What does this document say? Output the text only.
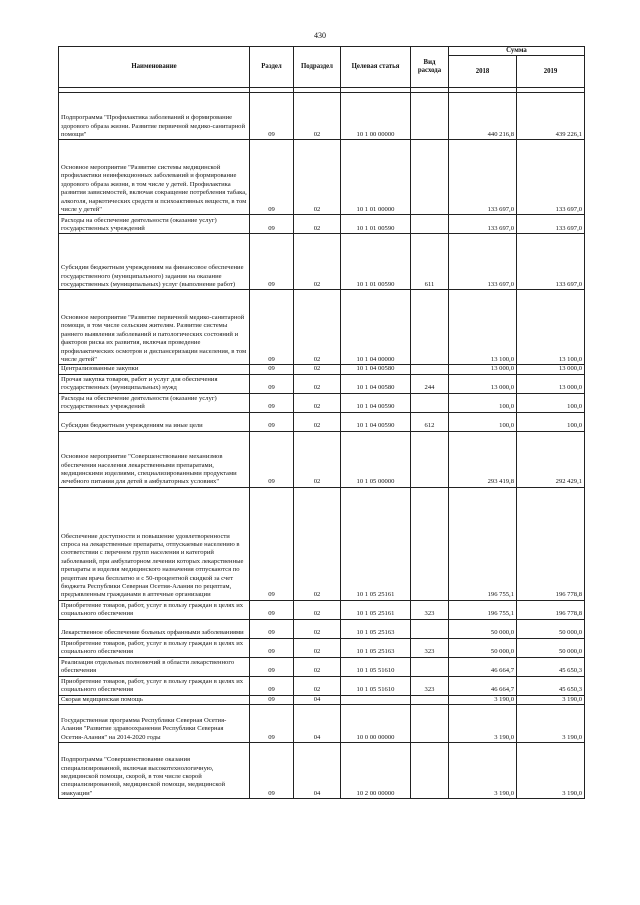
430
Наименование	Раздел	Подраздел	Целевая статья	Вид расхода	Сумма	
					2018	2019

Подпрограмма "Профилактика заболеваний и формирование здорового образа жизни. Развитие первичной медико-санитарной помощи"	09	02	10 1 00 00000		440 216,8	439 226,1
Основное мероприятие "Развитие системы медицинской профилактики неинфекционных заболеваний и формирование здорового образа жизни, в том числе у детей. Профилактика развития зависимостей, включая сокращение потребления табака, алкоголя, наркотических средств и психоактивных веществ, в том числе у детей"	09	02	10 1 01 00000		133 697,0	133 697,0
Расходы на обеспечение деятельности (оказание услуг) государственных учреждений	09	02	10 1 01 00590		133 697,0	133 697,0
Субсидии бюджетным учреждениям на финансовое обеспечение государственного (муниципального) задания на оказание государственных (муниципальных) услуг (выполнение работ)	09	02	10 1 01 00590	611	133 697,0	133 697,0
Основное мероприятие "Развитие первичной медико-санитарной помощи, в том числе сельским жителям. Развитие системы раннего выявления заболеваний и патологических состояний и факторов риска их развития, включая проведение профилактических осмотров и диспансеризации населения, в том числе детей"	09	02	10 1 04 00000		13 100,0	13 100,0
Централизованные закупки	09	02	10 1 04 00580		13 000,0	13 000,0
Прочая закупка товаров, работ и услуг для обеспечения государственных (муниципальных) нужд	09	02	10 1 04 00580	244	13 000,0	13 000,0
Расходы на обеспечение деятельности (оказание услуг) государственных учреждений	09	02	10 1 04 00590		100,0	100,0
Субсидии бюджетным учреждениям на иные цели	09	02	10 1 04 00590	612	100,0	100,0
Основное мероприятие "Совершенствование механизмов обеспечения населения лекарственными препаратами, медицинскими изделиями, специализированными продуктами лечебного питания для детей в амбулаторных условиях"	09	02	10 1 05 00000		293 419,8	292 429,1
Обеспечение доступности и повышение удовлетворенности спроса на лекарственные препараты, отпускаемые населению в соответствии с перечнем групп населения и категорий заболеваний, при амбулаторном лечении которых лекарственные препараты и изделия медицинского назначения отпускаются по рецептам врача бесплатно и с 50-процентной скидкой за счет бюджета Республики Северная Осетия-Алания по рецептам, предъявленным гражданами в аптечные организации	09	02	10 1 05 25161		196 755,1	196 778,8
Приобретение товаров, работ, услуг в пользу граждан в целях их социального обеспечения	09	02	10 1 05 25161	323	196 755,1	196 778,8
Лекарственное обеспечение больных орфанными заболеваниями	09	02	10 1 05 25163		50 000,0	50 000,0
Приобретение товаров, работ, услуг в пользу граждан в целях их социального обеспечения	09	02	10 1 05 25163	323	50 000,0	50 000,0
Реализация отдельных полномочий в области лекарственного обеспечения	09	02	10 1 05 51610		46 664,7	45 650,3
Приобретение товаров, работ, услуг в пользу граждан в целях их социального обеспечения	09	02	10 1 05 51610	323	46 664,7	45 650,3
Скорая медицинская помощь	09	04			3 190,0	3 190,0
Государственная программа Республики Северная Осетия-Алания "Развитие здравоохранения Республики Северная Осетия-Алания" на 2014-2020 годы	09	04	10 0 00 00000		3 190,0	3 190,0
Подпрограмма "Совершенствование оказания специализированной, включая высокотехнологичную, медицинской помощи, скорой, в том числе скорой специализированной, медицинской помощи, медицинской эвакуации"	09	04	10 2 00 00000		3 190,0	3 190,0
